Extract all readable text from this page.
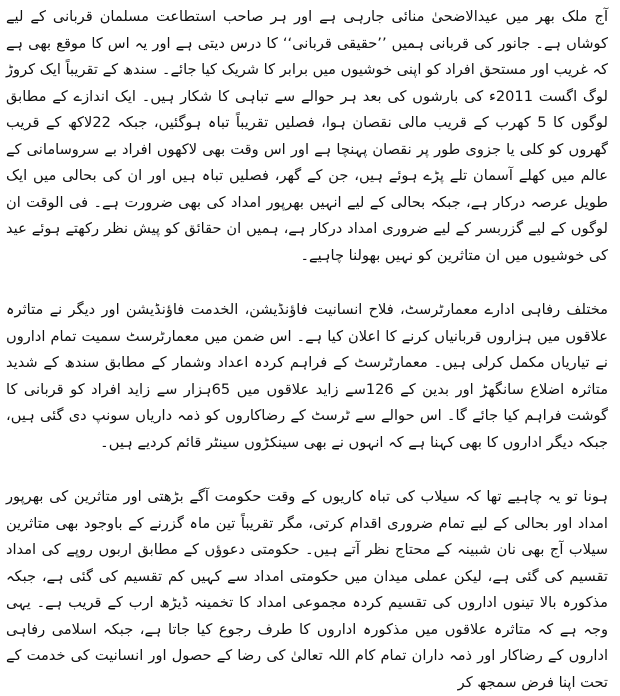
آج ملک بھر میں عیدالاضحیٰ منائی جارہی ہے اور ہر صاحب استطاعت مسلمان قربانی کے لیے کوشاں ہے۔ جانور کی قربانی ہمیں ’’حقیقی قربانی‘‘ کا درس دیتی ہے اور یہ اس کا موقع بھی ہے کہ غریب اور مستحق افراد کو اپنی خوشیوں میں برابر کا شریک کیا جائے۔ سندھ کے تقریباً ایک کروڑ لوگ اگست 2011ء کی بارشوں کی بعد ہر حوالے سے تباہی کا شکار ہیں۔ ایک اندازے کے مطابق لوگوں کا 5 کھرب کے قریب مالی نقصان ہوا، فصلیں تقریباً تباہ ہوگئیں، جبکہ 22لاکھ کے قریب گھروں کو کلی یا جزوی طور پر نقصان پہنچا ہے اور اس وقت بھی لاکھوں افراد بے سروسامانی کے عالم میں کھلے آسمان تلے پڑے ہوئے ہیں، جن کے گھر، فصلیں تباہ ہیں اور ان کی بحالی میں ایک طویل عرصہ درکار ہے، جبکہ بحالی کے لیے انہیں بھرپور امداد کی بھی ضرورت ہے۔ فی الوقت ان لوگوں کے لیے گزربسر کے لیے ضروری امداد درکار ہے، ہمیں ان حقائق کو پیش نظر رکھتے ہوئے عید کی خوشیوں میں ان متاثرین کو نہیں بھولنا چاہیے۔

مختلف رفاہی ادارے معمارٹرسٹ، فلاح انسانیت فاؤنڈیشن، الخدمت فاؤنڈیشن اور دیگر نے متاثرہ علاقوں میں ہزاروں قربانیاں کرنے کا اعلان کیا ہے۔ اس ضمن میں معمارٹرسٹ سمیت تمام اداروں نے تیاریاں مکمل کرلی ہیں۔ معمارٹرسٹ کے فراہم کردہ اعداد وشمار کے مطابق سندھ کے شدید متاثرہ اضلاع سانگھڑ اور بدین کے 126سے زاید علاقوں میں 65ہزار سے زاید افراد کو قربانی کا گوشت فراہم کیا جائے گا۔ اس حوالے سے ٹرسٹ کے رضاکاروں کو ذمہ داریاں سونپ دی گئی ہیں، جبکہ دیگر اداروں کا بھی کہنا ہے کہ انہوں نے بھی سینکڑوں سینٹر قائم کردیے ہیں۔

ہونا تو یہ چاہیے تھا کہ سیلاب کی تباہ کاریوں کے وقت حکومت آگے بڑھتی اور متاثرین کی بھرپور امداد اور بحالی کے لیے تمام ضروری اقدام کرتی، مگر تقریباً تین ماہ گزرنے کے باوجود بھی متاثرین سیلاب آج بھی نان شبینہ کے محتاج نظر آتے ہیں۔ حکومتی دعوؤں کے مطابق اربوں روپے کی امداد تقسیم کی گئی ہے، لیکن عملی میدان میں حکومتی امداد سے کہیں کم تقسیم کی گئی ہے، جبکہ مذکورہ بالا تینوں اداروں کی تقسیم کردہ مجموعی امداد کا تخمینہ ڈیڑھ ارب کے قریب ہے۔ یہی وجہ ہے کہ متاثرہ علاقوں میں مذکورہ اداروں کا طرف رجوع کیا جاتا ہے، جبکہ اسلامی رفاہی اداروں کے رضاکار اور ذمہ داران تمام کام اللہ تعالیٰ کی رضا کے حصول اور انسانیت کی خدمت کے تحت اپنا فرض سمجھ کر
